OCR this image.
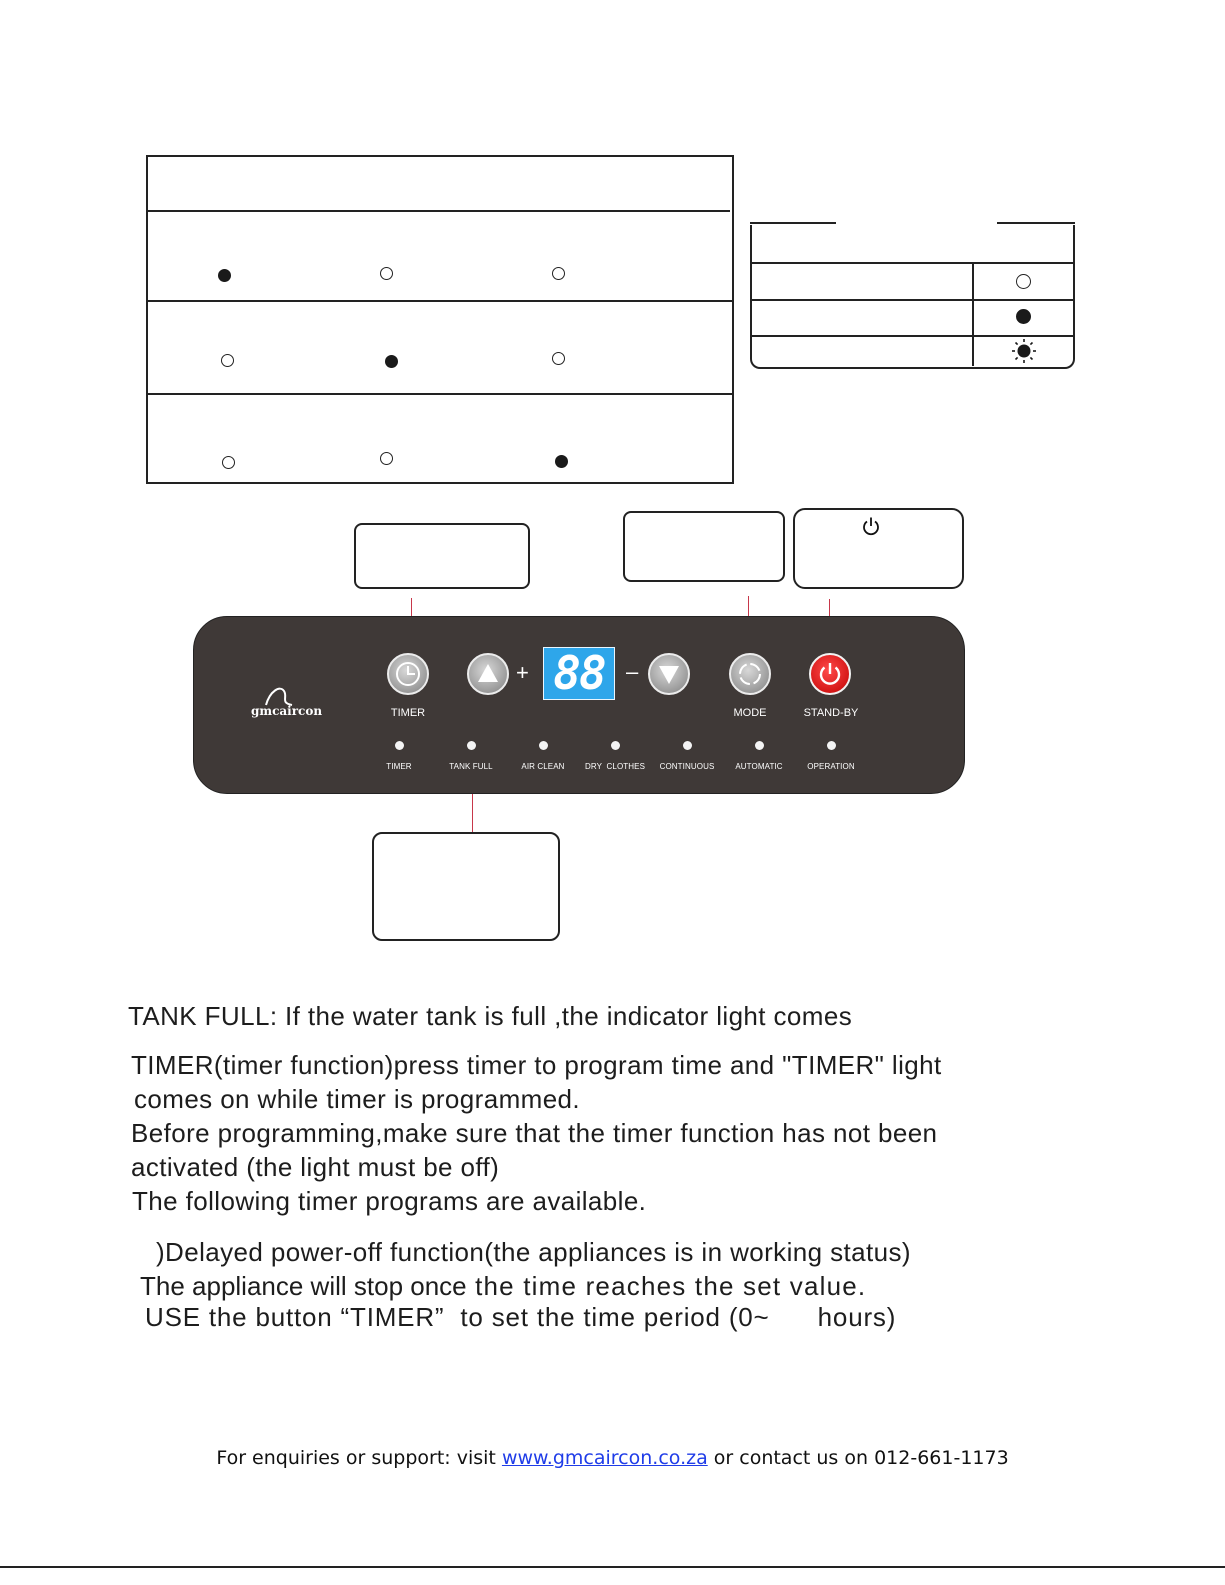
gmcaircon	TIMER
+ 88 –
MODE	STAND-BY
TIMER	TANK FULL	AIR CLEAN	DRY  CLOTHES	CONTINUOUS	AUTOMATIC	OPERATION
TANK FULL: If the water tank is full ,the indicator light comes
TIMER(timer function)press timer to program time and "TIMER" light
comes on while timer is programmed.
Before programming,make sure that the timer function has not been
activated (the light must be off)
The following timer programs are available.
)Delayed power-off function(the appliances is in working status)
The appliance will stop once the time reaches the set value.
USE the button “TIMER”  to set the time period (0~      hours)
For enquiries or support: visit www.gmcaircon.co.za or contact us on 012-661-1173
